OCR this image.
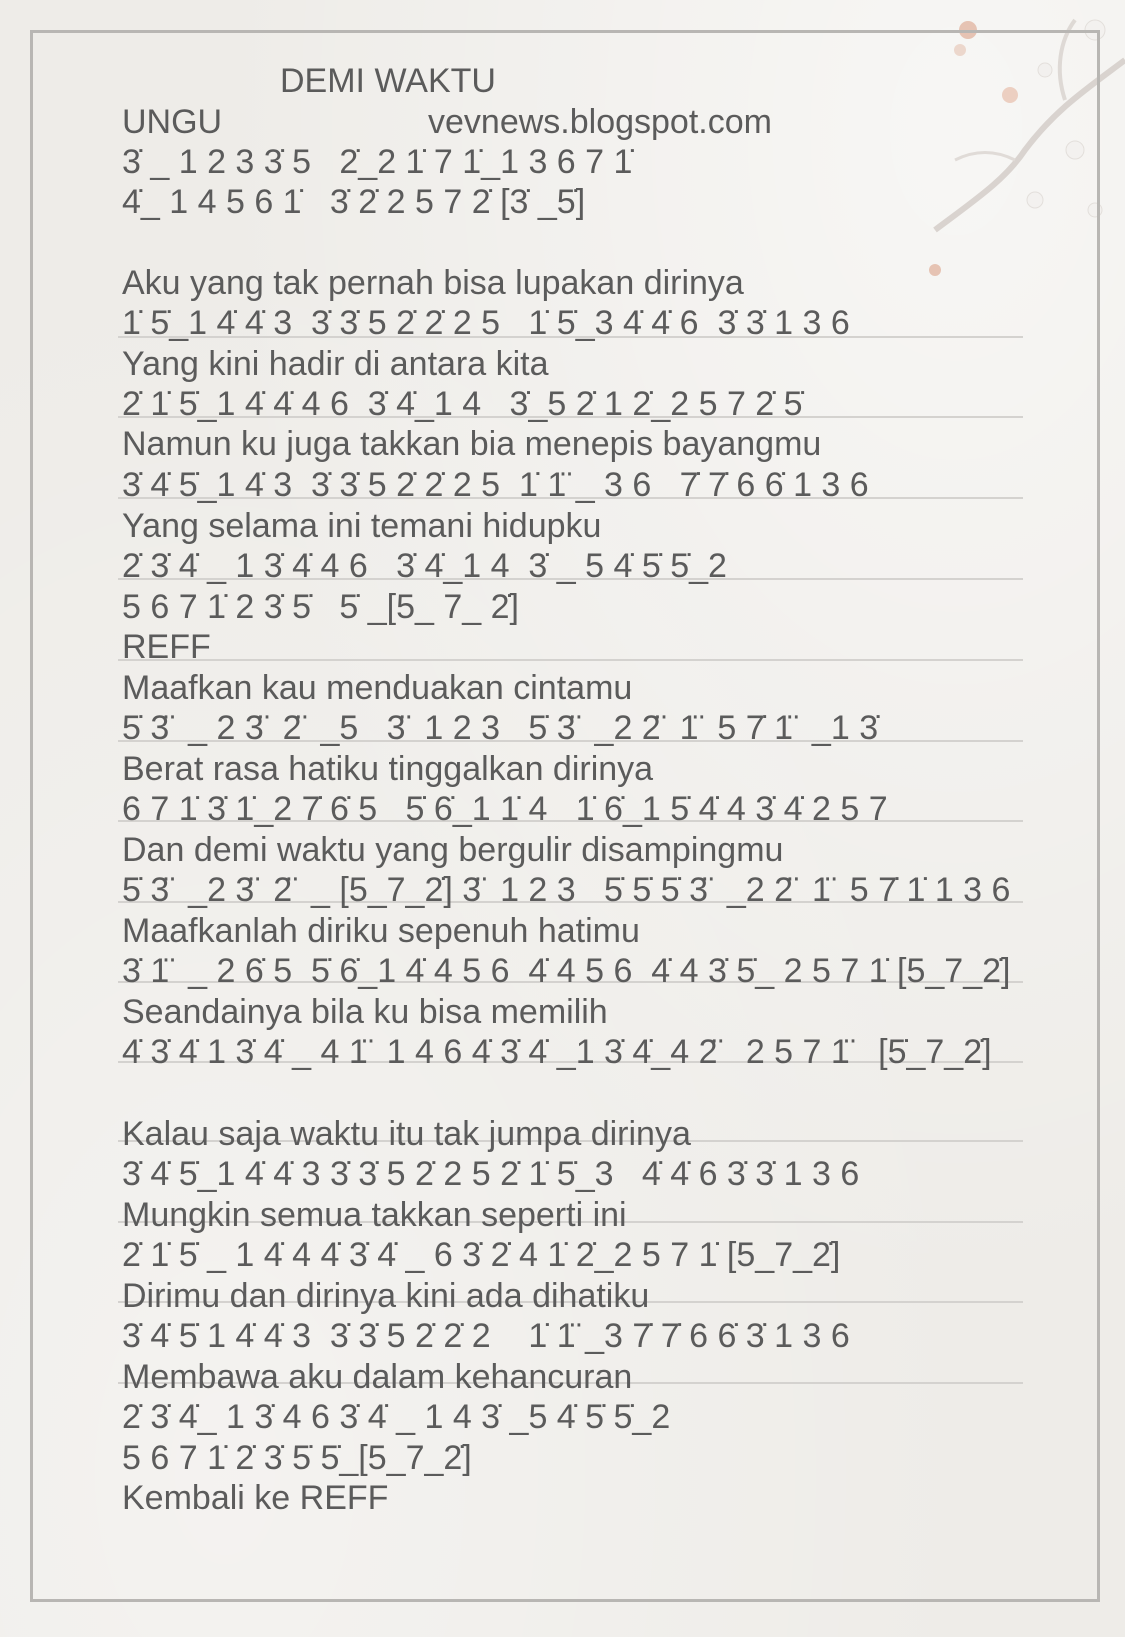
DEMI WAKTU
UNGU	vevnews.blogspot.com
3̇ _ 1 2 3 3̇ 5   2̇_2 1̇ 7 1̇_1 3 6 7 1̇
4̇_ 1 4 5 6 1̇   3̇ 2̇ 2 5 7 2̇ [3̇ _5̇]
Aku yang tak pernah bisa lupakan dirinya
1̇ 5̇_1 4̇ 4̇ 3  3̇ 3̇ 5 2̇ 2̇ 2 5   1̇ 5̇_3 4̇ 4̇ 6  3̇ 3̇ 1 3 6
Yang kini hadir di antara kita
2̇ 1̇ 5̇_1 4̇ 4̇ 4 6  3̇ 4̇_1 4   3̇_5 2̇ 1 2̇_2 5 7 2̇ 5̇
Namun ku juga takkan bia menepis bayangmu
3̇ 4̇ 5̇_1 4̇ 3  3̇ 3̇ 5 2̇ 2̇ 2 5  1̇ 1̈ _ 3 6   7̇ 7̇ 6 6̇ 1 3 6
Yang selama ini temani hidupku
2̇ 3̇ 4̇ _ 1 3̇ 4̇ 4 6   3̇ 4̇_1 4  3̇ _ 5 4̇ 5̇ 5̇_2
5 6 7 1̇ 2 3̇ 5̇   5̇ _[5_ 7_ 2̇]
REFF
Maafkan kau menduakan cintamu
5̇ 3̈  _ 2 3̈  2̈  _5   3̈  1 2 3   5̇ 3̈  _2 2̈  1̈  5 7̇ 1̈  _1 3̇
Berat rasa hatiku tinggalkan dirinya
6 7 1̇ 3̇ 1̇_2 7̇ 6̇ 5   5̇ 6̇_1 1̇ 4   1̇ 6̇_1 5̇ 4̇ 4 3̇ 4̇ 2 5 7
Dan demi waktu yang bergulir disampingmu
5̇ 3̈  _2 3̈  2̈  _ [5_7_2̇] 3̈  1 2 3   5̇ 5̇ 5̇ 3̈  _2 2̈  1̈  5 7̇ 1̇ 1 3 6
Maafkanlah diriku sepenuh hatimu
3̇ 1̈  _ 2 6̇ 5  5̇ 6̇_1 4̇ 4 5 6  4̇ 4 5 6  4̇ 4 3̇ 5̇_ 2 5 7 1̇ [5_7_2̇]
Seandainya bila ku bisa memilih
4̇ 3̇ 4̇ 1 3̇ 4̇ _ 4 1̈  1 4 6 4̇ 3̇ 4̇ _1 3̇ 4̇_4 2̈   2 5 7 1̈   [5̇_7_2̇]
Kalau saja waktu itu tak jumpa dirinya
3̇ 4̇ 5̇_1 4̇ 4̇ 3 3̇ 3̇ 5 2̇ 2 5 2̇ 1̇ 5̇_3   4̇ 4̇ 6 3̇ 3̇ 1 3 6
Mungkin semua takkan seperti ini
2̇ 1̇ 5̇ _ 1 4̇ 4 4̇ 3̇ 4̇ _ 6 3̇ 2̇ 4 1̇ 2̇_2 5 7 1̇ [5_7_2̇]
Dirimu dan dirinya kini ada dihatiku
3̇ 4̇ 5̇ 1 4̇ 4̇ 3  3̇ 3̇ 5 2̇ 2̇ 2    1̇ 1̈ _3 7̇ 7̇ 6 6̇ 3̇ 1 3 6
Membawa aku dalam kehancuran
2̇ 3̇ 4̇_ 1 3̇ 4 6 3̇ 4̇ _ 1 4 3̇ _5 4̇ 5̇ 5̇_2
5 6 7 1̇ 2̇ 3̇ 5̇ 5̇_[5_7_2̇]
Kembali ke REFF
